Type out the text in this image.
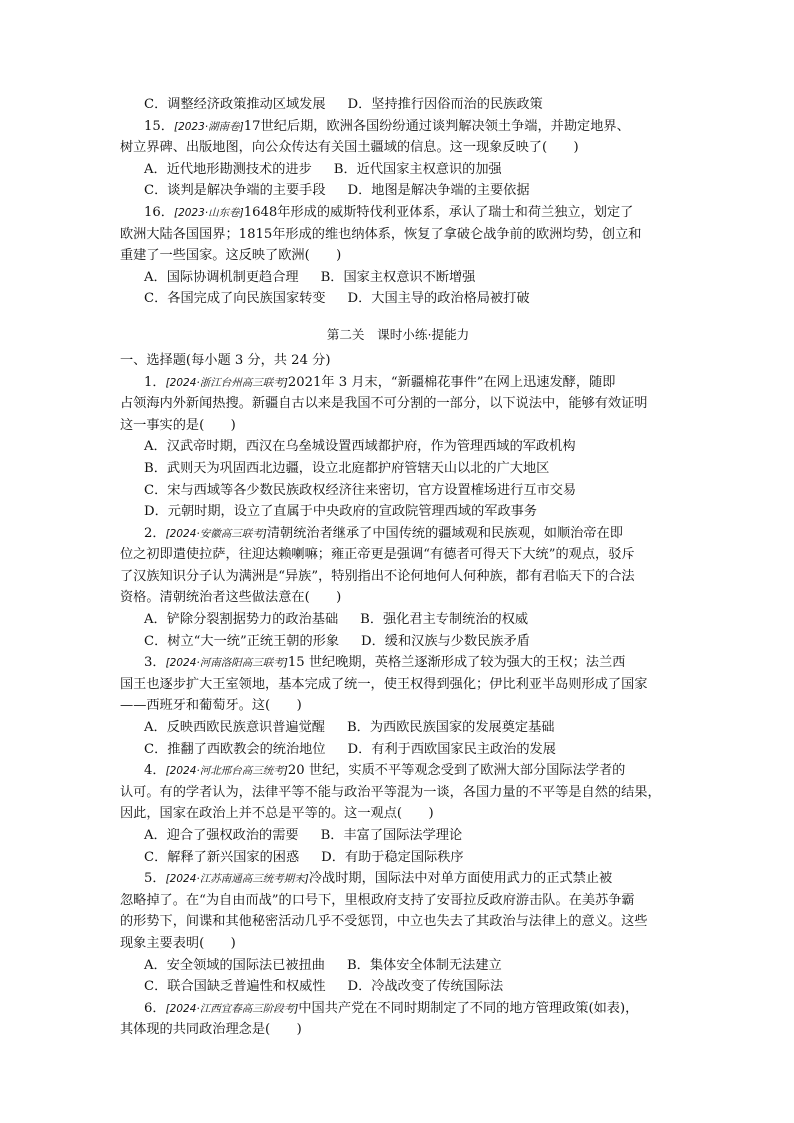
C．调整经济政策推动区域发展 D．坚持推行因俗而治的民族政策
15．[2023·湖南卷]17世纪后期，欧洲各国纷纷通过谈判解决领土争端，并勘定地界、
树立界碑、出版地图，向公众传达有关国土疆域的信息。这一现象反映了(　　)
A．近代地形勘测技术的进步 B．近代国家主权意识的加强
C．谈判是解决争端的主要手段 D．地图是解决争端的主要依据
16．[2023·山东卷]1648年形成的威斯特伐利亚体系，承认了瑞士和荷兰独立，划定了
欧洲大陆各国国界；1815年形成的维也纳体系，恢复了拿破仑战争前的欧洲均势，创立和
重建了一些国家。这反映了欧洲(　　)
A．国际协调机制更趋合理 B．国家主权意识不断增强
C．各国完成了向民族国家转变 D．大国主导的政治格局被打破
第二关　课时小练·提能力
一、选择题(每小题 3 分，共 24 分)
1．[2024·浙江台州高三联考]2021年 3 月末，“新疆棉花事件”在网上迅速发酵，随即
占领海内外新闻热搜。新疆自古以来是我国不可分割的一部分，以下说法中，能够有效证明
这一事实的是(　　)
A．汉武帝时期，西汉在乌垒城设置西域都护府，作为管理西域的军政机构
B．武则天为巩固西北边疆，设立北庭都护府管辖天山以北的广大地区
C．宋与西域等各少数民族政权经济往来密切，官方设置榷场进行互市交易
D．元朝时期，设立了直属于中央政府的宣政院管理西域的军政事务
2．[2024·安徽高三联考]清朝统治者继承了中国传统的疆域观和民族观，如顺治帝在即
位之初即遣使拉萨，往迎达赖喇嘛；雍正帝更是强调“有德者可得天下大统”的观点，驳斥
了汉族知识分子认为满洲是“异族”，特别指出不论何地何人何种族，都有君临天下的合法
资格。清朝统治者这些做法意在(　　)
A．铲除分裂割据势力的政治基础 B．强化君主专制统治的权威
C．树立“大一统”正统王朝的形象 D．缓和汉族与少数民族矛盾
3．[2024·河南洛阳高三联考]15 世纪晚期，英格兰逐渐形成了较为强大的王权；法兰西
国王也逐步扩大王室领地，基本完成了统一，使王权得到强化；伊比利亚半岛则形成了国家
——西班牙和葡萄牙。这(　　)
A．反映西欧民族意识普遍觉醒 B．为西欧民族国家的发展奠定基础
C．推翻了西欧教会的统治地位 D．有利于西欧国家民主政治的发展
4．[2024·河北邢台高三统考]20 世纪，实质不平等观念受到了欧洲大部分国际法学者的
认可。有的学者认为，法律平等不能与政治平等混为一谈，各国力量的不平等是自然的结果，
因此，国家在政治上并不总是平等的。这一观点(　　)
A．迎合了强权政治的需要 B．丰富了国际法学理论
C．解释了新兴国家的困惑 D．有助于稳定国际秩序
5．[2024·江苏南通高三统考期末]冷战时期，国际法中对单方面使用武力的正式禁止被
忽略掉了。在“为自由而战”的口号下，里根政府支持了安哥拉反政府游击队。在美苏争霸
的形势下，间谍和其他秘密活动几乎不受惩罚，中立也失去了其政治与法律上的意义。这些
现象主要表明(　　)
A．安全领域的国际法已被扭曲 B．集体安全体制无法建立
C．联合国缺乏普遍性和权威性 D．冷战改变了传统国际法
6．[2024·江西宜春高三阶段考]中国共产党在不同时期制定了不同的地方管理政策(如表)，
其体现的共同政治理念是(　　)
